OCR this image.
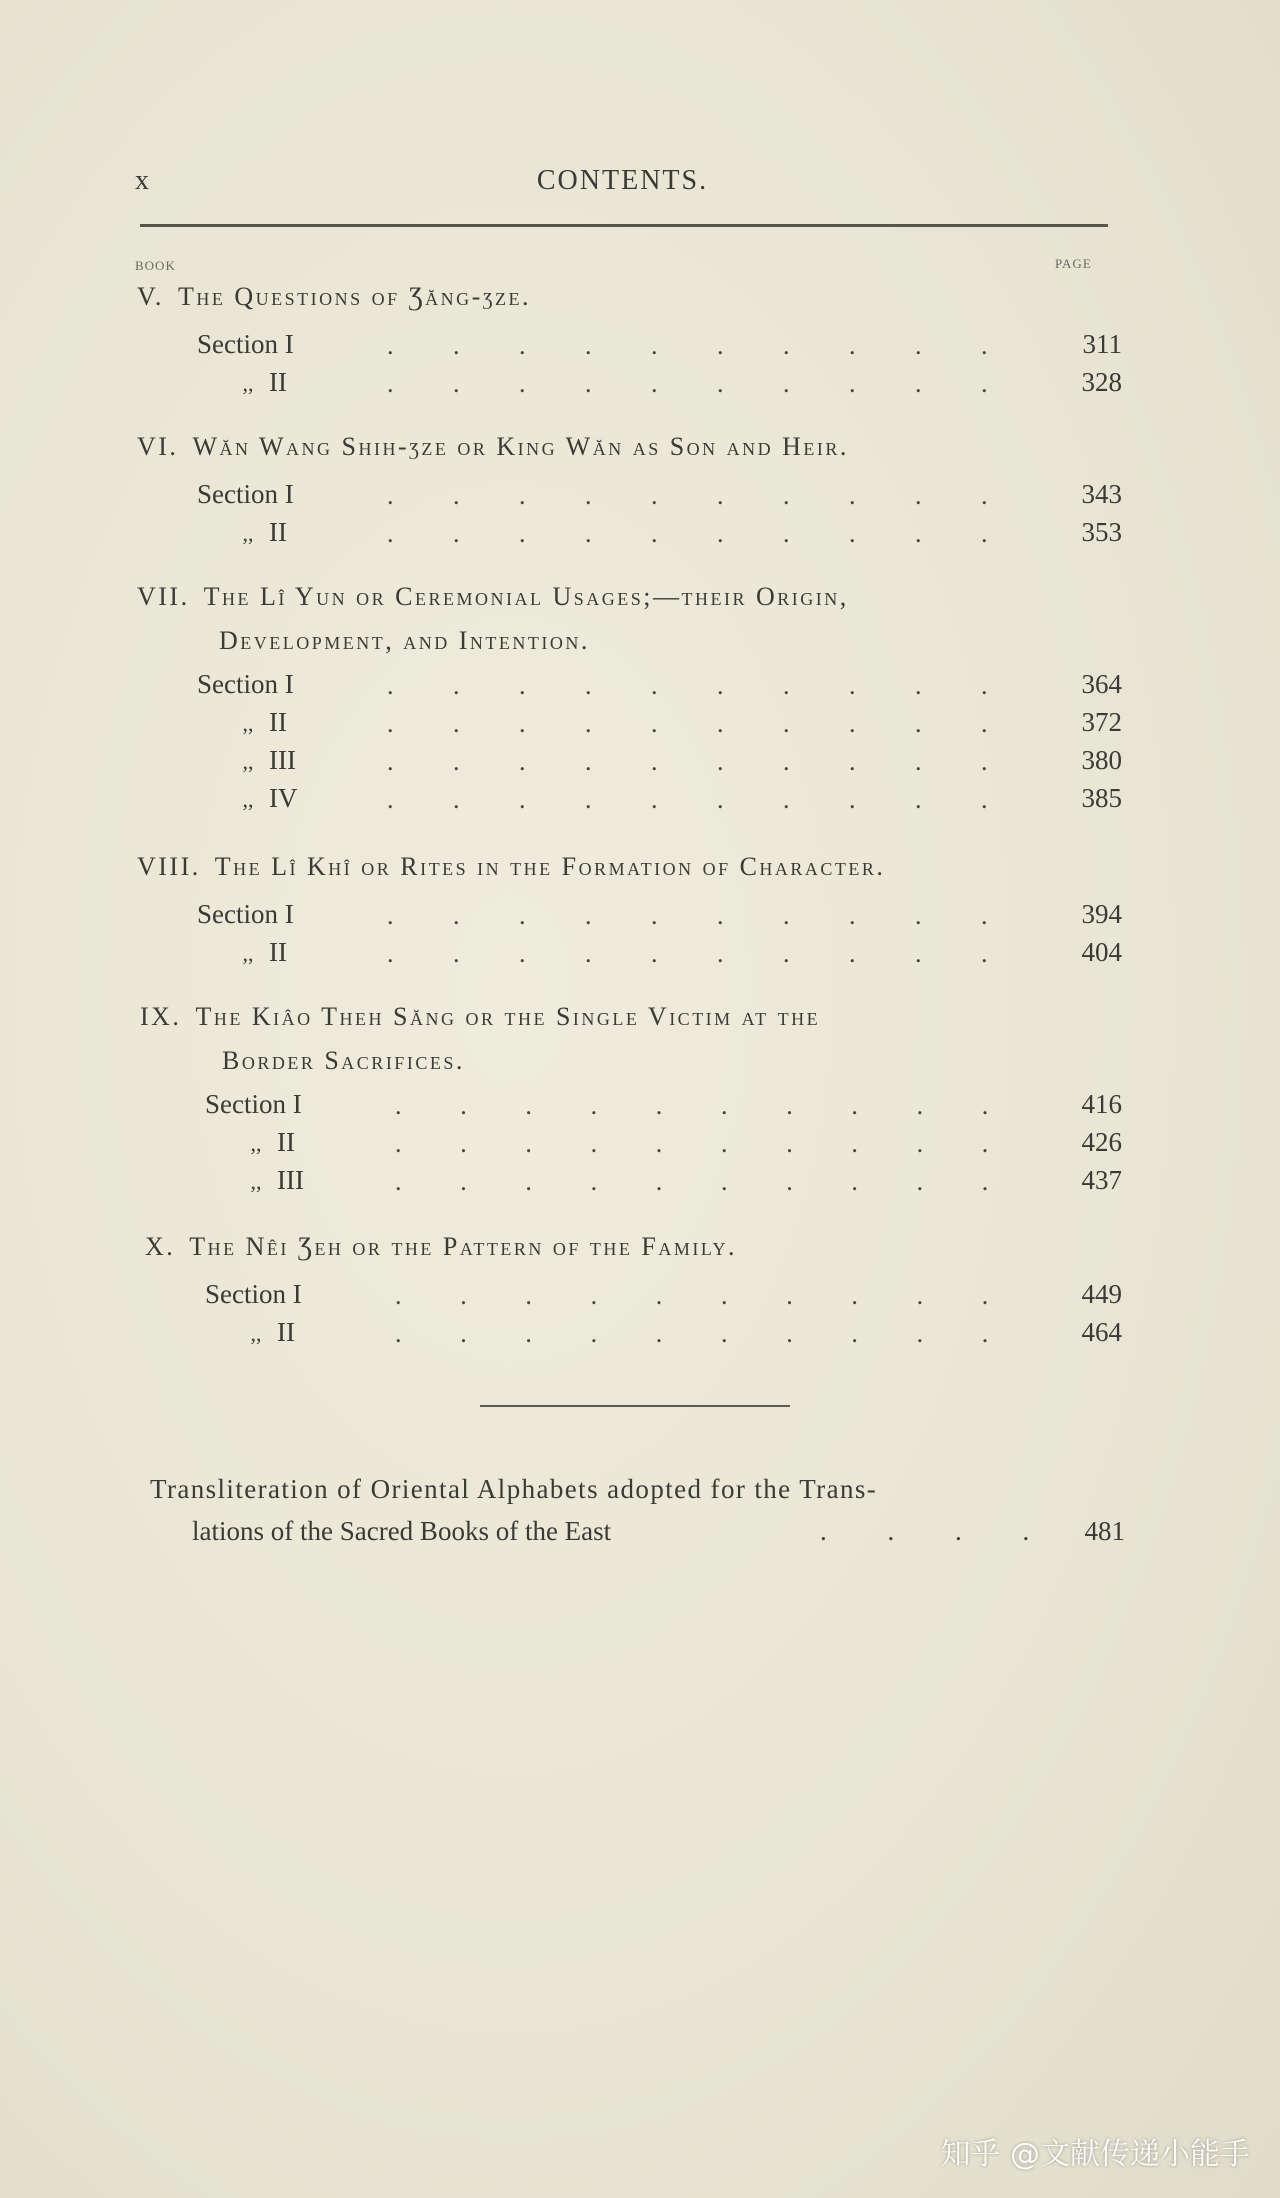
x	CONTENTS.
BOOK	PAGE
V. The Questions of Ʒăng-ʒze.
Section I	.......... 311
,, II	.......... 328
VI. Wăn Wang Shih-ʒze or King Wăn as Son and Heir.
Section I	.......... 343
,, II	.......... 353
VII. The Lî Yun or Ceremonial Usages;—their Origin,
Development, and Intention.
Section I	.......... 364
,, II	.......... 372
,, III	.......... 380
,, IV	.......... 385
VIII. The Lî Khî or Rites in the Formation of Character.
Section I	.......... 394
,, II	.......... 404
IX. The Kiâo Theh Săng or the Single Victim at the
Border Sacrifices.
Section I	.......... 416
,, II	.......... 426
,, III	.......... 437
X. The Nêi Ʒeh or the Pattern of the Family.
Section I	.......... 449
,, II	.......... 464
Transliteration of Oriental Alphabets adopted for the Trans-
lations of the Sacred Books of the East	. . . . 481
知乎 @文献传递小能手
